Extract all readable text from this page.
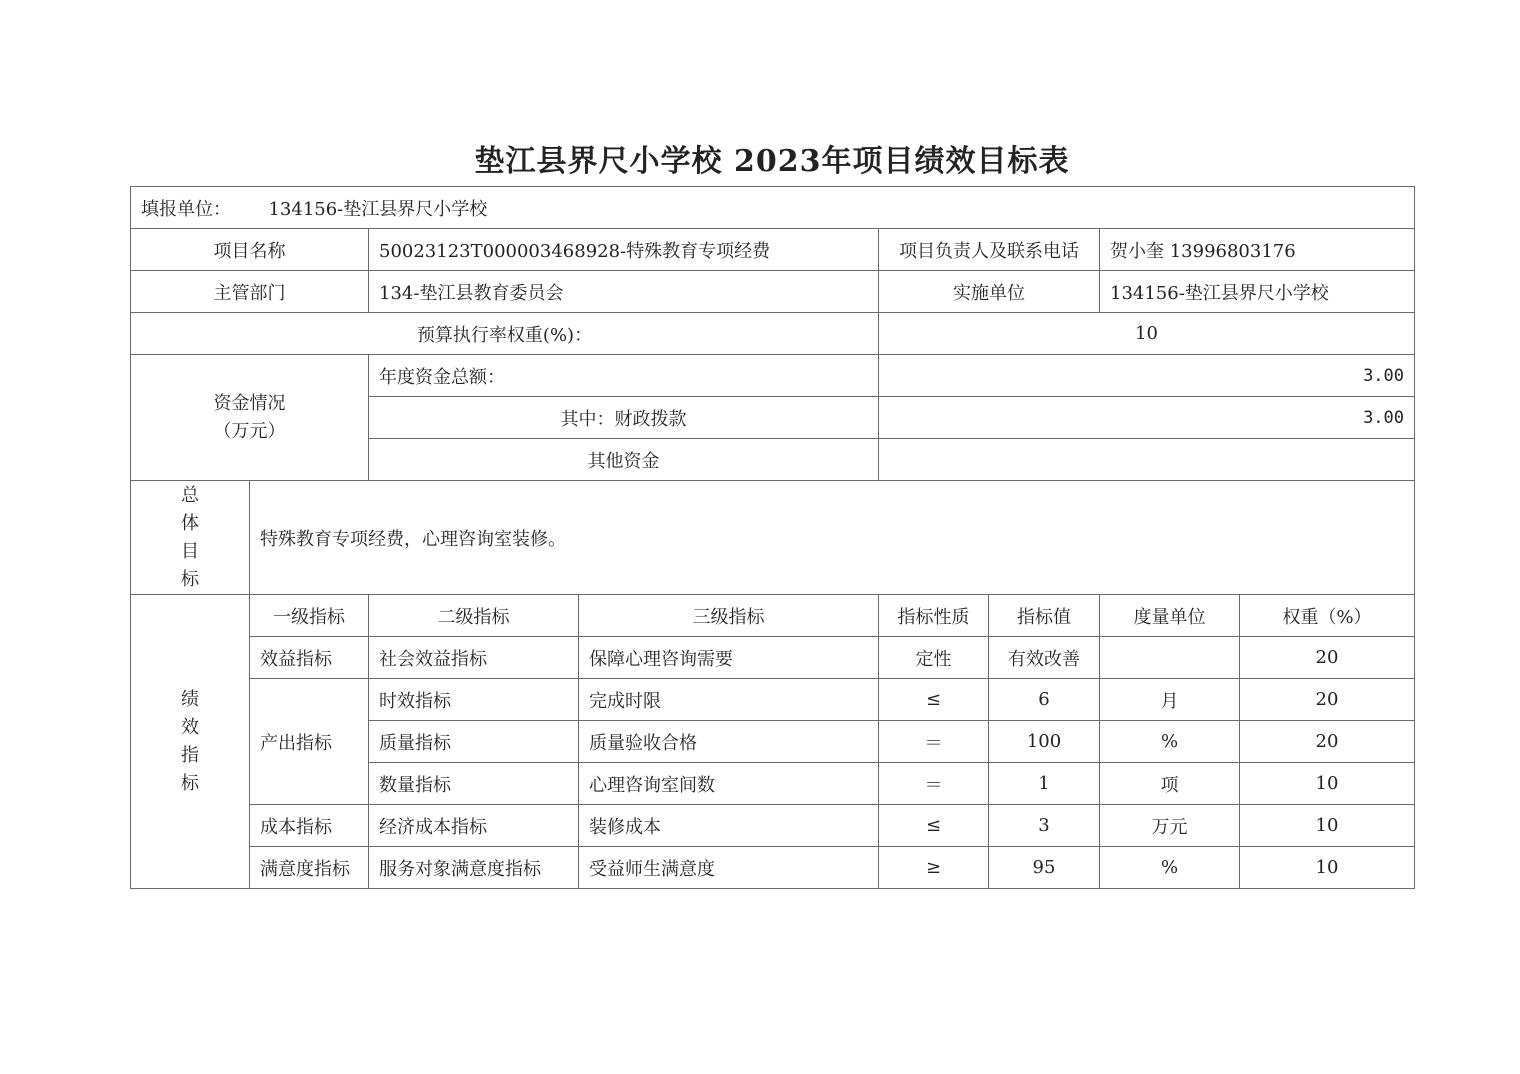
垫江县界尺小学校 2023年项目绩效目标表
填报单位： 134156-垫江县界尺小学校							
项目名称		50023123T000003468928-特殊教育专项经费		项目负责人及联系电话		贺小奎 13996803176	
主管部门		134-垫江县教育委员会		实施单位		134156-垫江县界尺小学校	
预算执行率权重(%)：				10			

资金情况
（万元）		年度资金总额：		3.00			
		其中：财政拨款		3.00			
		其他资金					

总
体
目
标	特殊教育专项经费，心理咨询室装修。						

绩
效
指
标	一级指标	二级指标	三级指标	指标性质	指标值	度量单位	权重（%）
	效益指标	社会效益指标	保障心理咨询需要	定性	有效改善		20
	产出指标	时效指标	完成时限	≤	6	月	20
		质量指标	质量验收合格	＝	100	%	20
		数量指标	心理咨询室间数	＝	1	项	10
	成本指标	经济成本指标	装修成本	≤	3	万元	10
	满意度指标	服务对象满意度指标	受益师生满意度	≥	95	%	10
